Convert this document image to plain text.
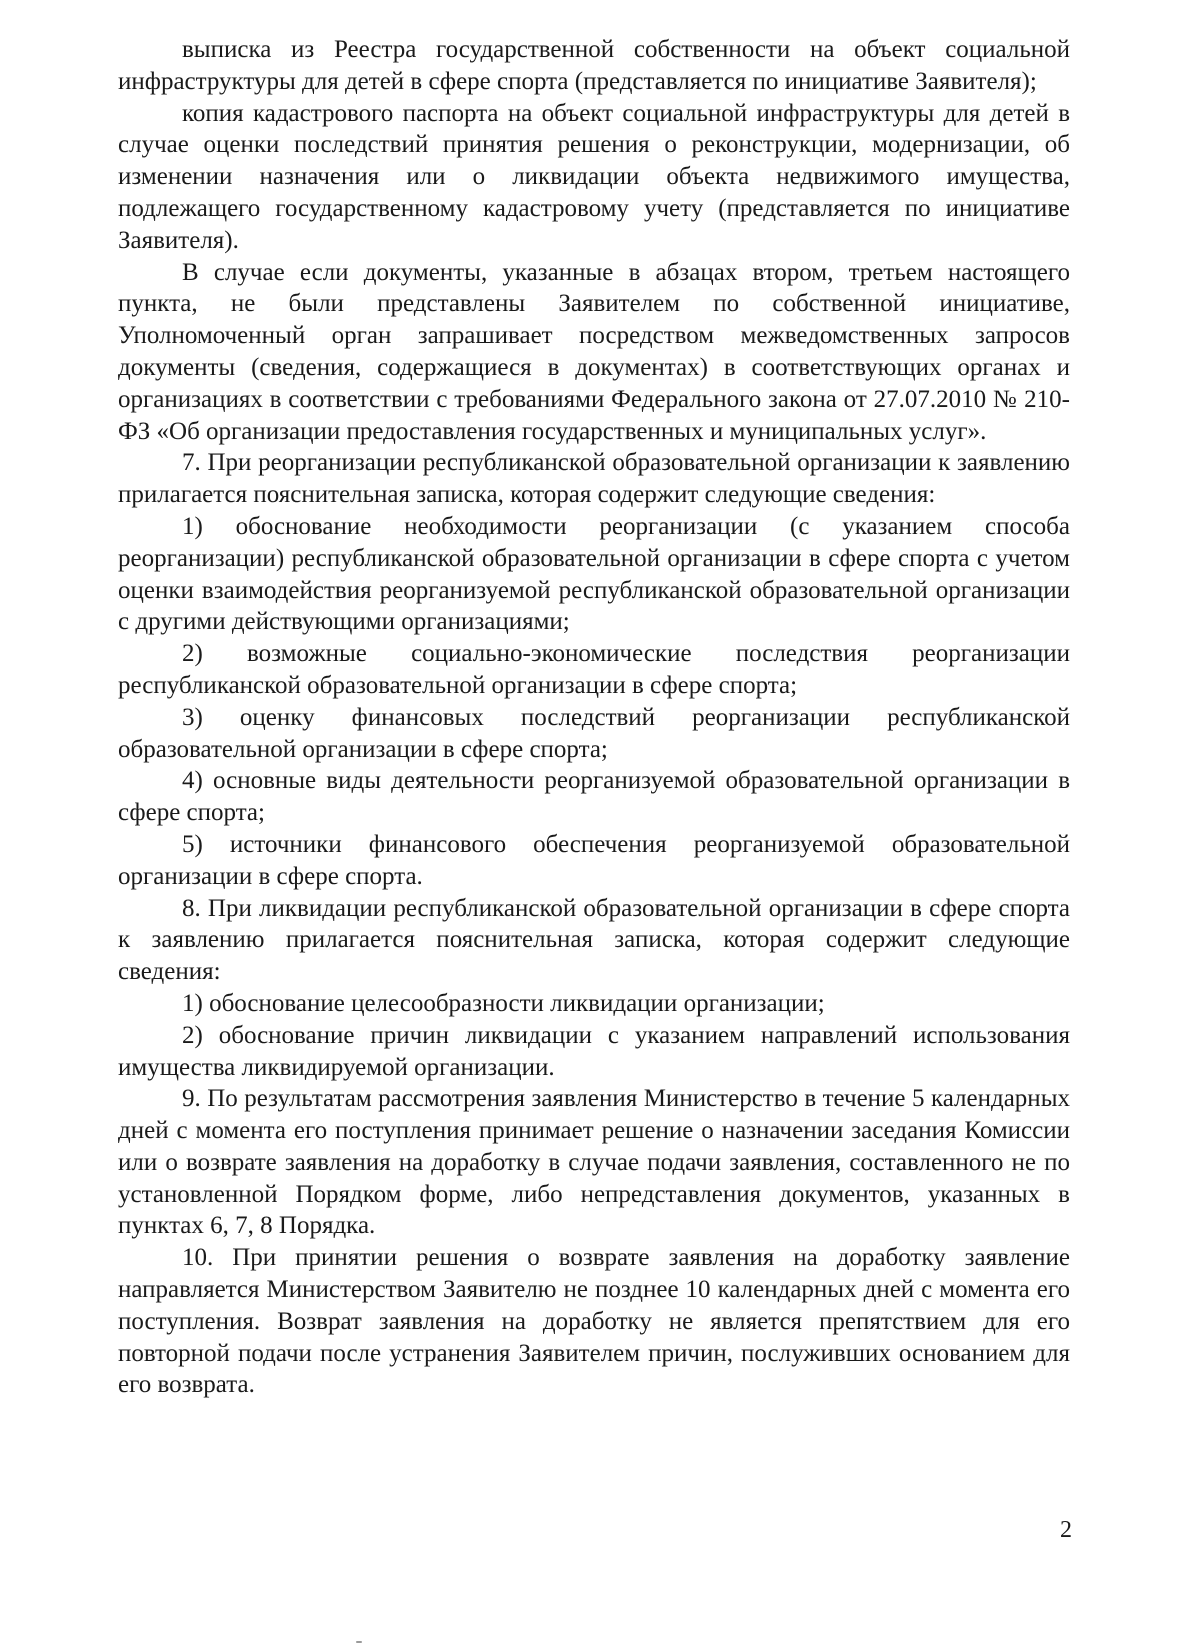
выписка из Реестра государственной собственности на объект социальной инфраструктуры для детей в сфере спорта (представляется по инициативе Заявителя);

копия кадастрового паспорта на объект социальной инфраструктуры для детей в случае оценки последствий принятия решения о реконструкции, модернизации, об изменении назначения или о ликвидации объекта недвижимого имущества, подлежащего государственному кадастровому учету (представляется по инициативе Заявителя).

В случае если документы, указанные в абзацах втором, третьем настоящего пункта, не были представлены Заявителем по собственной инициативе, Уполномоченный орган запрашивает посредством межведомственных запросов документы (сведения, содержащиеся в документах) в соответствующих органах и организациях в соответствии с требованиями Федерального закона от 27.07.2010 № 210-ФЗ «Об организации предоставления государственных и муниципальных услуг».

7. При реорганизации республиканской образовательной организации к заявлению прилагается пояснительная записка, которая содержит следующие сведения:

1) обоснование необходимости реорганизации (с указанием способа реорганизации) республиканской образовательной организации в сфере спорта с учетом оценки взаимодействия реорганизуемой республиканской образовательной организации с другими действующими организациями;

2) возможные социально-экономические последствия реорганизации республиканской образовательной организации в сфере спорта;

3) оценку финансовых последствий реорганизации республиканской образовательной организации в сфере спорта;

4) основные виды деятельности реорганизуемой образовательной организации в сфере спорта;

5) источники финансового обеспечения реорганизуемой образовательной организации в сфере спорта.

8. При ликвидации республиканской образовательной организации в сфере спорта к заявлению прилагается пояснительная записка, которая содержит следующие сведения:

1) обоснование целесообразности ликвидации организации;

2) обоснование причин ликвидации с указанием направлений использования имущества ликвидируемой организации.

9. По результатам рассмотрения заявления Министерство в течение 5 календарных дней с момента его поступления принимает решение о назначении заседания Комиссии или о возврате заявления на доработку в случае подачи заявления, составленного не по установленной Порядком форме, либо непредставления документов, указанных в пунктах 6, 7, 8 Порядка.

10. При принятии решения о возврате заявления на доработку заявление направляется Министерством Заявителю не позднее 10 календарных дней с момента его поступления. Возврат заявления на доработку не является препятствием для его повторной подачи после устранения Заявителем причин, послуживших основанием для его возврата.

2
